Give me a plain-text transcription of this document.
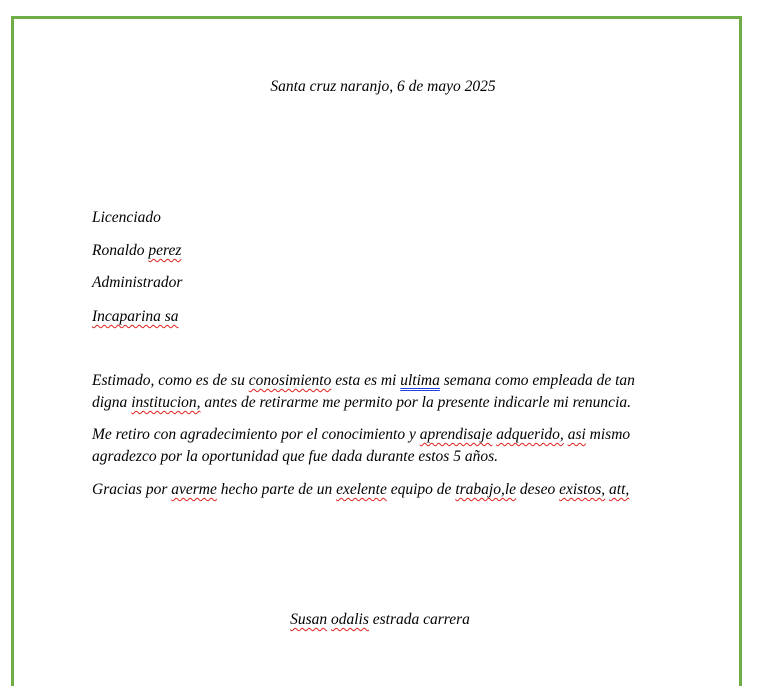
Santa cruz naranjo, 6 de mayo 2025
Licenciado
Ronaldo perez
Administrador
Incaparina sa
Estimado, como es de su conosimiento esta es mi ultima semana como empleada de tan
digna institucion, antes de retirarme me permito por la presente indicarle mi renuncia.
Me retiro con agradecimiento por el conocimiento y aprendisaje adquerido, asi mismo
agradezco por la oportunidad que fue dada durante estos 5 años.
Gracias por averme hecho parte de un exelente equipo de trabajo,le deseo existos, att,
Susan odalis estrada carrera
